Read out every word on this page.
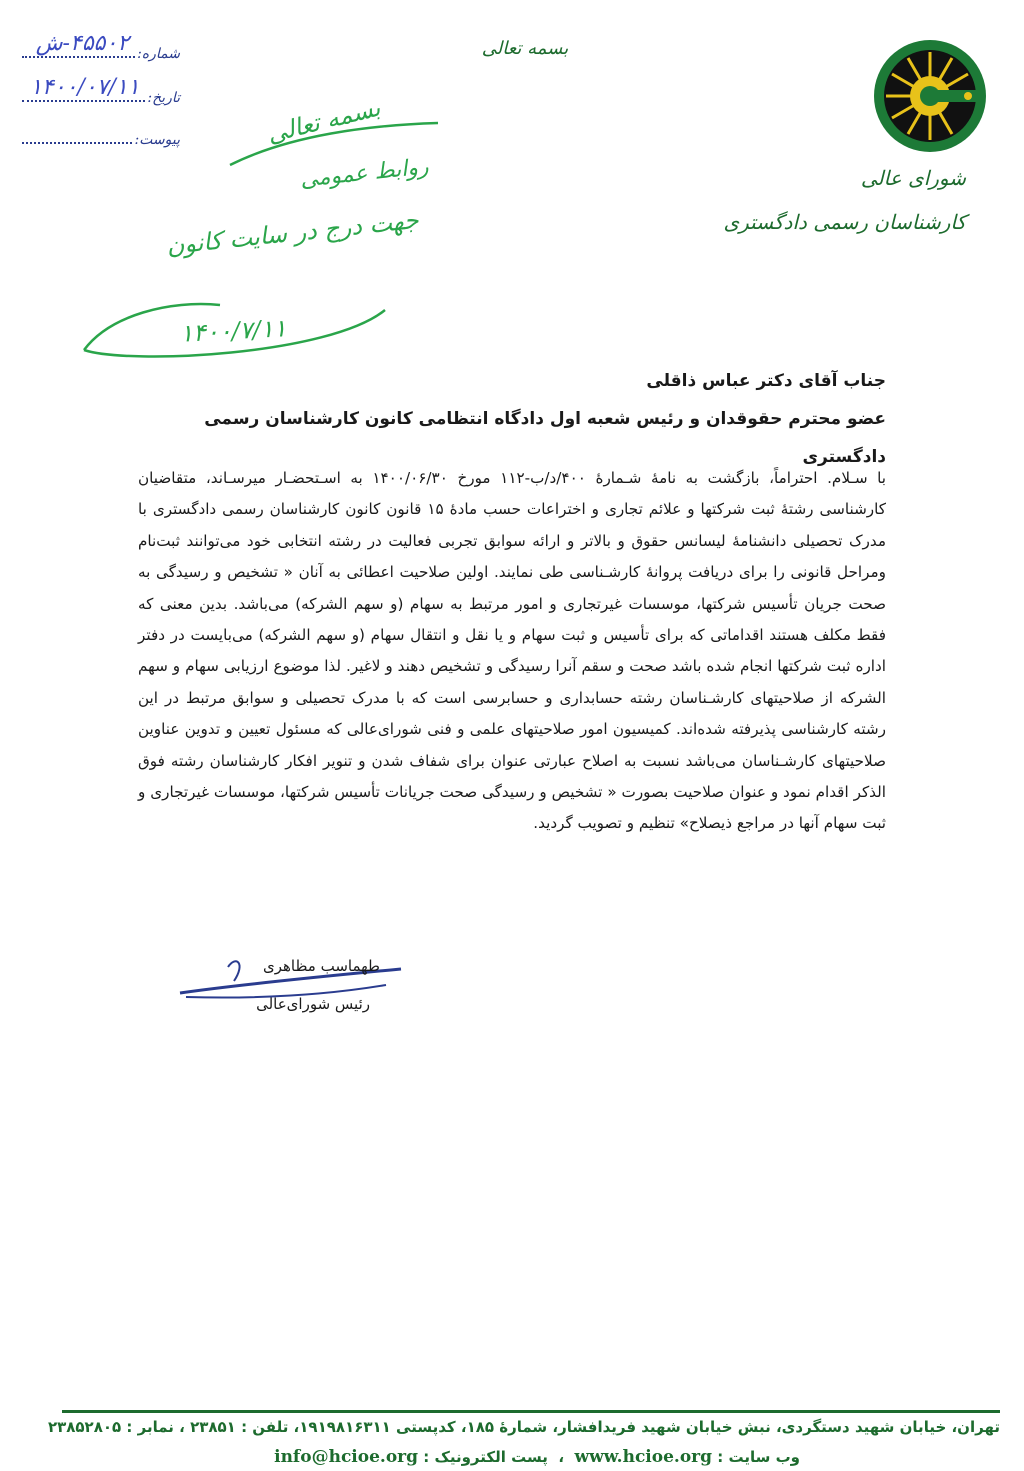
شورای عالی
کارشناسان رسمی دادگستری
بسمه تعالی
شماره:
۴۵۵۰۲-ش
تاریخ:
۱۴۰۰/۰۷/۱۱
پیوست:	بسمه تعالی
روابط عمومی
جهت درج در سایت کانون
۱۴۰۰/۷/۱۱
جناب آقای دکتر عباس ذاقلی
عضو محترم حقوقدان و رئیس شعبه اول دادگاه انتظامی کانون کارشناسان رسمی دادگستری
با سـلام. احتراماً، بازگشت به نامهٔ شـمارهٔ ۴۰۰/د/ب-۱۱۲ مورخ ۱۴۰۰/۰۶/۳۰ به اسـتحضـار میرسـاند، متقاضیان کارشناسی رشتهٔ ثبت شرکتها و علائم تجاری و اختراعات حسب مادهٔ ۱۵ قانون کانون کارشناسان رسمی دادگستری با مدرک تحصیلی دانشنامهٔ لیسانس حقوق و بالاتر و ارائه سوابق تجربی فعالیت در رشته انتخابی خود می‌توانند ثبت‌نام ومراحل قانونی را برای دریافت پروانهٔ کارشـناسی طی نمایند. اولین صلاحیت اعطائی به آنان « تشخیص و رسیدگی به صحت جریان تأسیس شرکتها، موسسات غیرتجاری و امور مرتبط به سهام (و سهم الشرکه) می‌باشد. بدین معنی که فقط مکلف هستند اقداماتی که برای تأسیس و ثبت سهام و یا نقل و انتقال سهام (و سهم الشرکه) می‌بایست در دفتر اداره ثبت شرکتها انجام شده باشد صحت و سقم آنرا رسیدگی و تشخیص دهند و لاغیر. لذا موضوع ارزیابی سهام و سهم الشرکه از صلاحیتهای کارشـناسان رشته حسابداری و حسابرسی است که با مدرک تحصیلی و سوابق مرتبط در این رشته کارشناسی پذیرفته شده‌اند. کمیسیون امور صلاحیتهای علمی و فنی شورای‌عالی که مسئول تعیین و تدوین عناوین صلاحیتهای کارشـناسان می‌باشد نسبت به اصلاح عبارتی عنوان برای شفاف شدن و تنویر افکار کارشناسان رشته فوق الذکر اقدام نمود و عنوان صلاحیت بصورت « تشخیص و رسیدگی صحت جریانات تأسیس شرکتها، موسسات غیرتجاری و ثبت سهام آنها در مراجع ذیصلاح» تنظیم و تصویب گردید.
طهماسب مظاهری
رئیس شورای‌عالی
تهران، خیابان شهید دستگردی، نبش خیابان شهید فریدافشار، شمارهٔ ۱۸۵، کدپستی ۱۹۱۹۸۱۶۳۱۱، تلفن : ۲۳۸۵۱ ، نمابر : ۲۳۸۵۲۸۰۵
وب سایت : www.hcioe.org  ،  پست الکترونیک : info@hcioe.org
